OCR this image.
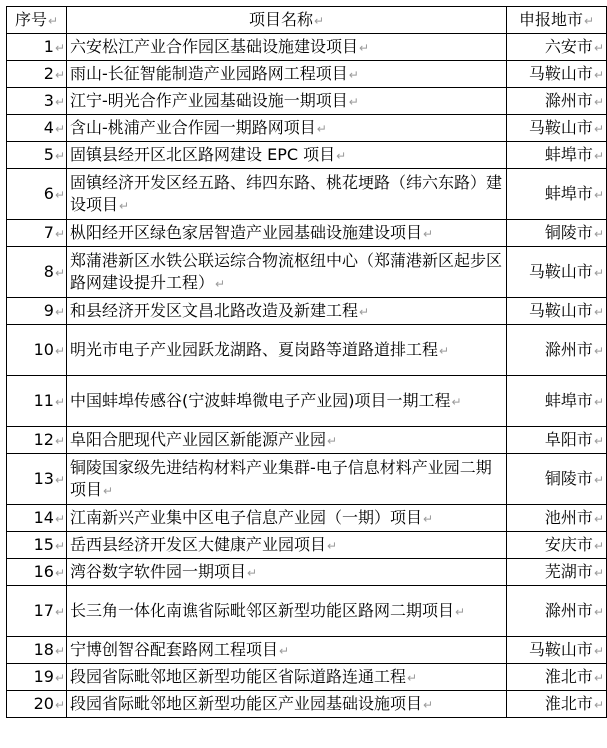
序号↵	项目名称↵	申报地市↵
1↵	六安松江产业合作园区基础设施建设项目↵	六安市↵
2↵	雨山-长征智能制造产业园路网工程项目↵	马鞍山市↵
3↵	江宁-明光合作产业园基础设施一期项目↵	滁州市↵
4↵	含山-桃浦产业合作园一期路网项目↵	马鞍山市↵
5↵	固镇县经开区北区路网建设 EPC 项目↵	蚌埠市↵
6↵	固镇经济开发区经五路、纬四东路、桃花埂路（纬六东路）建设项目↵	蚌埠市↵
7↵	枞阳经开区绿色家居智造产业园基础设施建设项目↵	铜陵市↵
8↵	郑蒲港新区水铁公联运综合物流枢纽中心（郑蒲港新区起步区路网建设提升工程）↵	马鞍山市↵
9↵	和县经济开发区文昌北路改造及新建工程↵	马鞍山市↵
10↵	明光市电子产业园跃龙湖路、夏岗路等道路道排工程↵	滁州市↵
11↵	中国蚌埠传感谷(宁波蚌埠微电子产业园)项目一期工程↵	蚌埠市↵
12↵	阜阳合肥现代产业园区新能源产业园↵	阜阳市↵
13↵	铜陵国家级先进结构材料产业集群-电子信息材料产业园二期项目↵	铜陵市↵
14↵	江南新兴产业集中区电子信息产业园（一期）项目↵	池州市↵
15↵	岳西县经济开发区大健康产业园项目↵	安庆市↵
16↵	湾谷数字软件园一期项目↵	芜湖市↵
17↵	长三角一体化南谯省际毗邻区新型功能区路网二期项目↵	滁州市↵
18↵	宁博创智谷配套路网工程项目↵	马鞍山市↵
19↵	段园省际毗邻地区新型功能区省际道路连通工程↵	淮北市↵
20↵	段园省际毗邻地区新型功能区产业园基础设施项目↵	淮北市↵
